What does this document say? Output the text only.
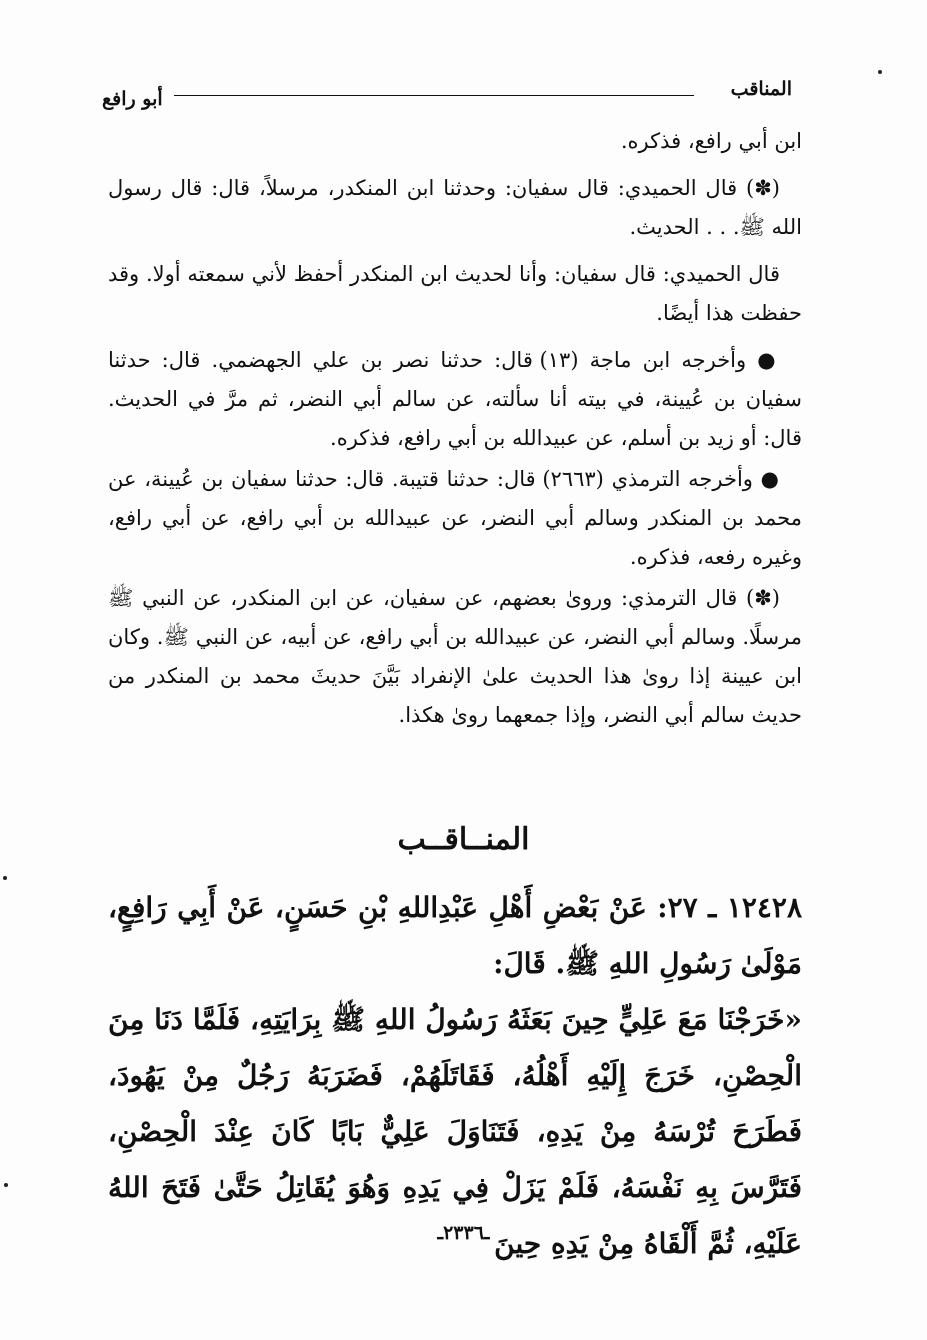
المناقب
أبو رافع

ابن أبي رافع، فذكره.

(✽) قال الحميدي: قال سفيان: وحدثنا ابن المنكدر، مرسلاً، قال: قال رسول الله ﷺ. . . الحديث.

قال الحميدي: قال سفيان: وأنا لحديث ابن المنكدر أحفظ لأني سمعته أولا. وقد حفظت هذا أيضًا.

● وأخرجه ابن ماجة (١٣) قال: حدثنا نصر بن علي الجهضمي. قال: حدثنا سفيان بن عُيينة، في بيته أنا سألته، عن سالم أبي النضر، ثم مرَّ في الحديث. قال: أو زيد بن أسلم، عن عبيدالله بن أبي رافع، فذكره.

● وأخرجه الترمذي (٢٦٦٣) قال: حدثنا قتيبة. قال: حدثنا سفيان بن عُيينة، عن محمد بن المنكدر وسالم أبي النضر، عن عبيدالله بن أبي رافع، عن أبي رافع، وغيره رفعه، فذكره.

(✽) قال الترمذي: وروىٰ بعضهم، عن سفيان، عن ابن المنكدر، عن النبي ﷺ مرسلًا. وسالم أبي النضر، عن عبيدالله بن أبي رافع، عن أبيه، عن النبي ﷺ. وكان ابن عيينة إذا روىٰ هذا الحديث علىٰ الإنفراد بَيَّنَ حديثَ محمد بن المنكدر من حديث سالم أبي النضر، وإذا جمعهما روىٰ هكذا.

المنــاقــب
١٢٤٢٨ ـ ٢٧: عَنْ بَعْضِ أَهْلِ عَبْدِاللهِ بْنِ حَسَنٍ، عَنْ أَبِي رَافِعٍ، مَوْلَىٰ رَسُولِ اللهِ ﷺ. قَالَ:
«خَرَجْنَا مَعَ عَلِيٍّ حِينَ بَعَثَهُ رَسُولُ اللهِ ﷺ بِرَايَتِهِ، فَلَمَّا دَنَا مِنَ الْحِصْنِ، خَرَجَ إِلَيْهِ أَهْلُهُ، فَقَاتَلَهُمْ، فَضَرَبَهُ رَجُلٌ مِنْ يَهُودَ، فَطَرَحَ تُرْسَهُ مِنْ يَدِهِ، فَتَنَاوَلَ عَلِيٌّ بَابًا كَانَ عِنْدَ الْحِصْنِ، فَتَرَّسَ بِهِ نَفْسَهُ، فَلَمْ يَزَلْ فِي يَدِهِ وَهُوَ يُقَاتِلُ حَتَّىٰ فَتَحَ اللهُ عَلَيْهِ، ثُمَّ أَلْقَاهُ مِنْ يَدِهِ حِينَ
ـ٢٣٣٦ـ
